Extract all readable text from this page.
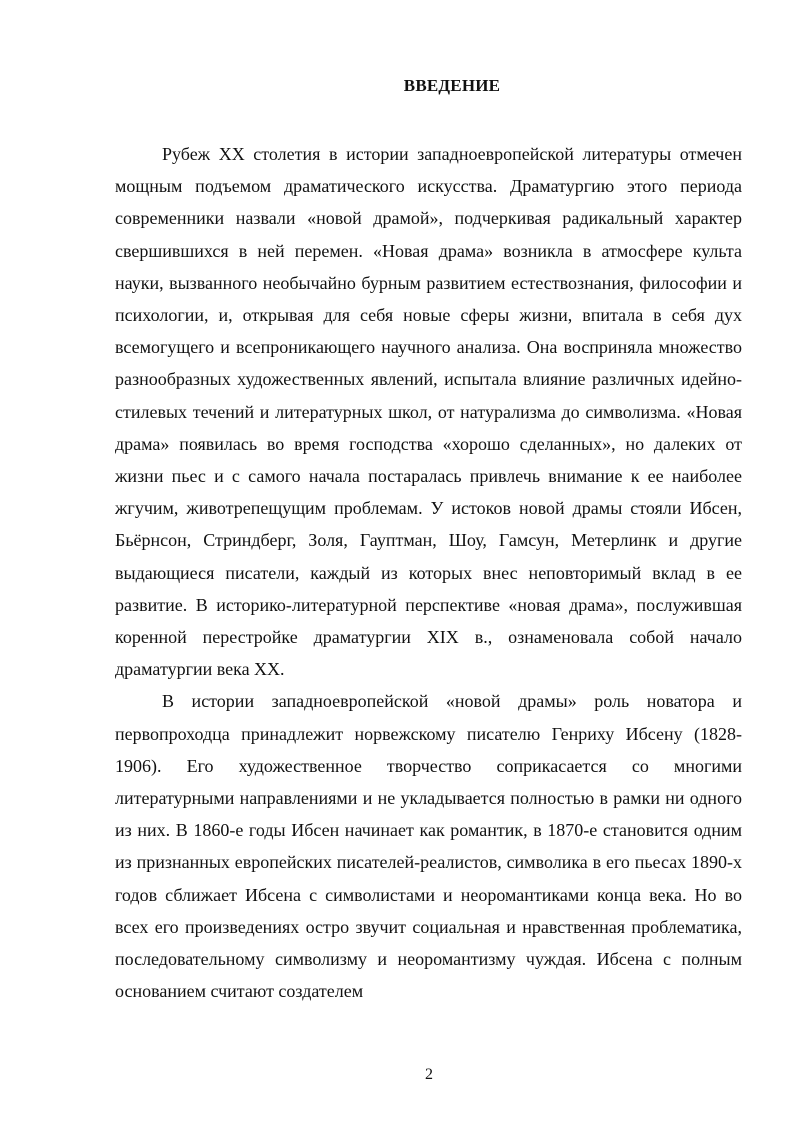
ВВЕДЕНИЕ

Рубеж XX столетия в истории западноевропейской литературы отмечен мощным подъемом драматического искусства. Драматургию этого периода современники назвали «новой драмой», подчеркивая радикальный характер свершившихся в ней перемен. «Новая драма» возникла в атмосфере культа науки, вызванного необычайно бурным развитием естествознания, философии и психологии, и, открывая для себя новые сферы жизни, впитала в себя дух всемогущего и всепроникающего научного анализа. Она восприняла множество разнообразных художественных явлений, испытала влияние различных идейно-стилевых течений и литературных школ, от натурализма до символизма. «Новая драма» появилась во время господства «хорошо сделанных», но далеких от жизни пьес и с самого начала постаралась привлечь внимание к ее наиболее жгучим, животрепещущим проблемам. У истоков новой драмы стояли Ибсен, Бьёрнсон, Стриндберг, Золя, Гауптман, Шоу, Гамсун, Метерлинк и другие выдающиеся писатели, каждый из которых внес неповторимый вклад в ее развитие. В историко-литературной перспективе «новая драма», послужившая коренной перестройке драматургии XIX в., ознаменовала собой начало драматургии века XX.

В истории западноевропейской «новой драмы» роль новатора и первопроходца принадлежит норвежскому писателю Генриху Ибсену (1828-1906). Его художественное творчество соприкасается со многими литературными направлениями и не укладывается полностью в рамки ни одного из них. В 1860-е годы Ибсен начинает как романтик, в 1870-е становится одним из признанных европейских писателей-реалистов, символика в его пьесах 1890-х годов сближает Ибсена с символистами и неоромантиками конца века. Но во всех его произведениях остро звучит социальная и нравственная проблематика, последовательному символизму и неоромантизму чуждая. Ибсена с полным основанием считают создателем

2
